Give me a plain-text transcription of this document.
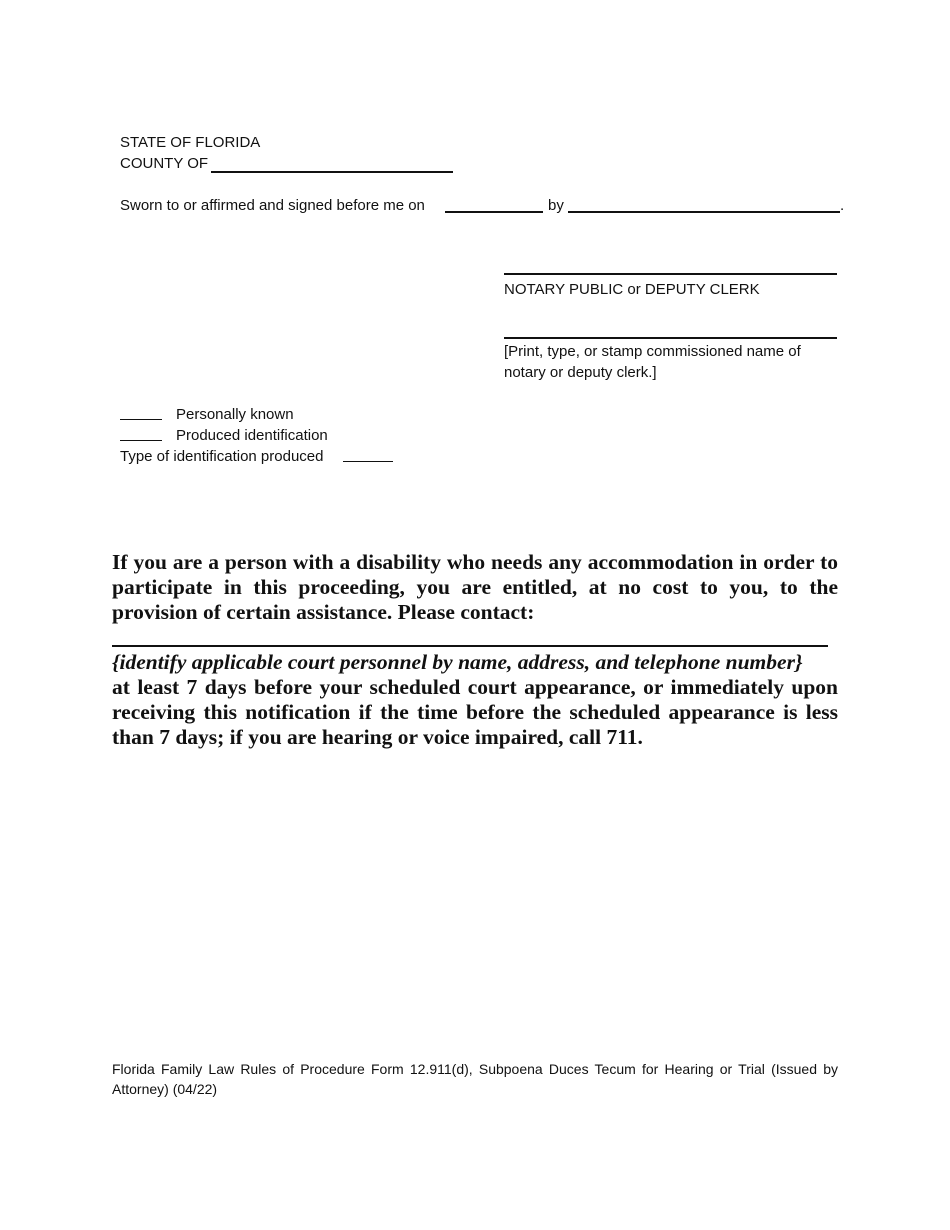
STATE OF FLORIDA
COUNTY OF
Sworn to or affirmed and signed before me on	by	.
NOTARY PUBLIC or DEPUTY CLERK
[Print, type, or stamp commissioned name of
notary or deputy clerk.]
Personally known
Produced identification
Type of identification produced
If you are a person with a disability who needs any accommodation in order to participate in this proceeding, you are entitled, at no cost to you, to the provision of certain assistance. Please contact:
{identify applicable court personnel by name, address, and telephone number}
at least 7 days before your scheduled court appearance, or immediately upon receiving this notification if the time before the scheduled appearance is less than 7 days; if you are hearing or voice impaired, call 711.
Florida Family Law Rules of Procedure Form 12.911(d), Subpoena Duces Tecum for Hearing or Trial (Issued by Attorney) (04/22)
